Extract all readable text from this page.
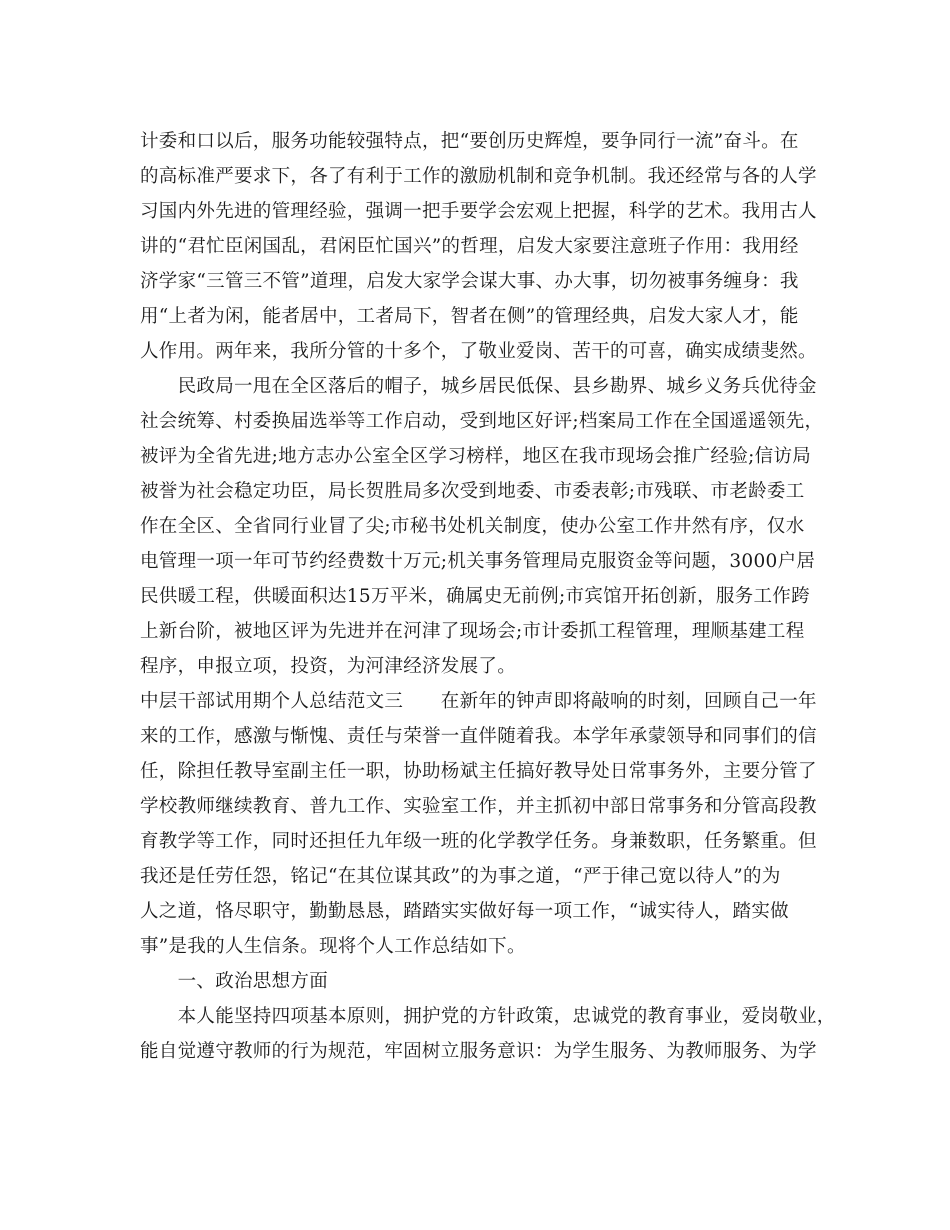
计委和口以后，服务功能较强特点，把“要创历史辉煌，要争同行一流”奋斗。在
的高标准严要求下，各了有利于工作的激励机制和竞争机制。我还经常与各的人学
习国内外先进的管理经验，强调一把手要学会宏观上把握，科学的艺术。我用古人
讲的“君忙臣闲国乱，君闲臣忙国兴”的哲理，启发大家要注意班子作用：我用经
济学家“三管三不管”道理，启发大家学会谋大事、办大事，切勿被事务缠身：我
用“上者为闲，能者居中，工者局下，智者在侧”的管理经典，启发大家人才，能
人作用。两年来，我所分管的十多个，了敬业爱岗、苦干的可喜，确实成绩斐然。
　　民政局一甩在全区落后的帽子，城乡居民低保、县乡勘界、城乡义务兵优待金
社会统筹、村委换届选举等工作启动，受到地区好评;档案局工作在全国遥遥领先，
被评为全省先进;地方志办公室全区学习榜样，地区在我市现场会推广经验;信访局
被誉为社会稳定功臣，局长贺胜局多次受到地委、市委表彰;市残联、市老龄委工
作在全区、全省同行业冒了尖;市秘书处机关制度，使办公室工作井然有序，仅水
电管理一项一年可节约经费数十万元;机关事务管理局克服资金等问题，3000户居
民供暖工程，供暖面积达15万平米，确属史无前例;市宾馆开拓创新，服务工作跨
上新台阶，被地区评为先进并在河津了现场会;市计委抓工程管理，理顺基建工程
程序，申报立项，投资，为河津经济发展了。
中层干部试用期个人总结范文三　　在新年的钟声即将敲响的时刻，回顾自己一年
来的工作，感激与惭愧、责任与荣誉一直伴随着我。本学年承蒙领导和同事们的信
任，除担任教导室副主任一职，协助杨斌主任搞好教导处日常事务外，主要分管了
学校教师继续教育、普九工作、实验室工作，并主抓初中部日常事务和分管高段教
育教学等工作，同时还担任九年级一班的化学教学任务。身兼数职，任务繁重。但
我还是任劳任怨，铭记“在其位谋其政”的为事之道，“严于律己宽以待人”的为
人之道，恪尽职守，勤勤恳恳，踏踏实实做好每一项工作，“诚实待人，踏实做
事”是我的人生信条。现将个人工作总结如下。
　　一、政治思想方面
　　本人能坚持四项基本原则，拥护党的方针政策，忠诚党的教育事业，爱岗敬业，
能自觉遵守教师的行为规范，牢固树立服务意识：为学生服务、为教师服务、为学
